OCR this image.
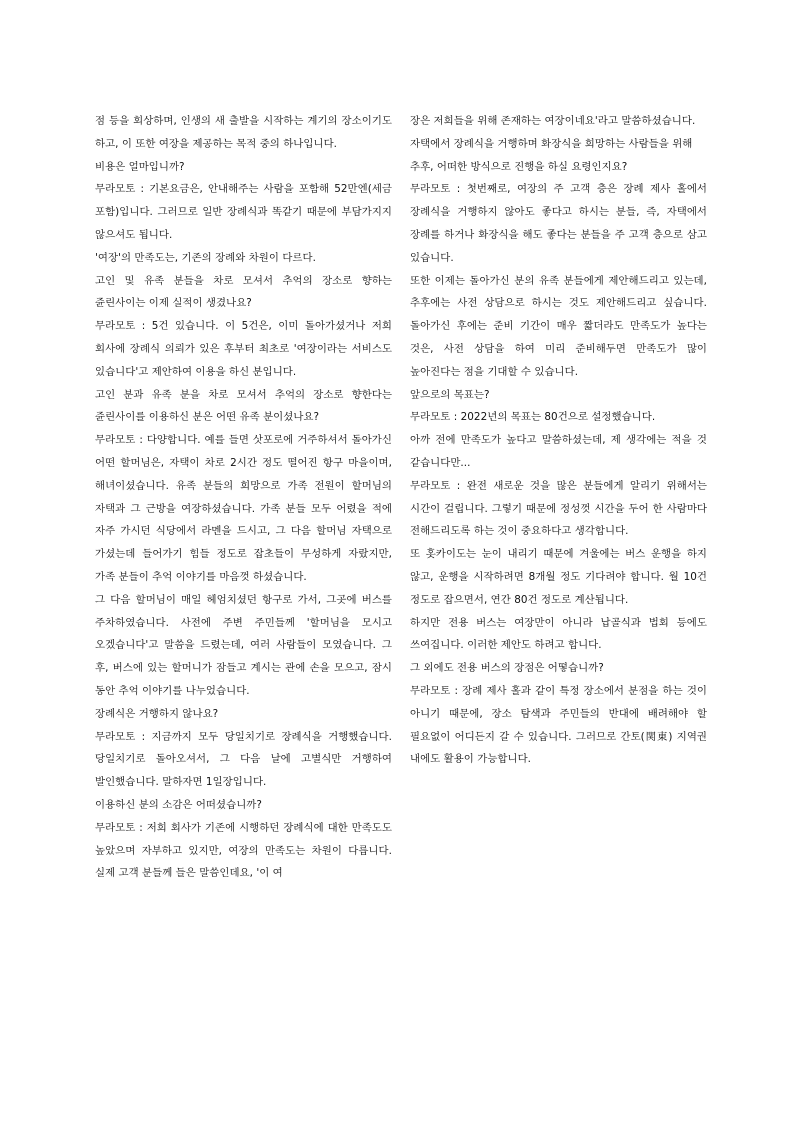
점 등을 회상하며, 인생의 새 출발을 시작하는 계기의 장소이기도 하고, 이 또한 여장을 제공하는 목적 중의 하나입니다.

비용은 얼마입니까?

무라모토 : 기본요금은, 안내해주는 사람을 포함해 52만엔(세금 포함)입니다. 그러므로 일반 장례식과 똑같기 때문에 부담가지지 않으셔도 됩니다.

'여장'의 만족도는, 기존의 장례와 차원이 다르다.

고인 및 유족 분들을 차로 모셔서 추억의 장소로 향하는 쥰린사이는 이제 실적이 생겼나요?

무라모토 : 5건 있습니다. 이 5건은, 이미 돌아가셨거나 저희 회사에 장례식 의뢰가 있은 후부터 최초로 '여장이라는 서비스도 있습니다'고 제안하여 이용을 하신 분입니다.

고인 분과 유족 분을 차로 모셔서 추억의 장소로 향한다는 쥰린사이를 이용하신 분은 어떤 유족 분이셨나요?

무라모토 : 다양합니다. 예를 들면 삿포로에 거주하셔서 돌아가신 어떤 할머님은, 자택이 차로 2시간 정도 떨어진 항구 마을이며, 해녀이셨습니다. 유족 분들의 희망으로 가족 전원이 할머님의 자택과 그 근방을 여장하셨습니다. 가족 분들 모두 어렸을 적에 자주 가시던 식당에서 라멘을 드시고, 그 다음 할머님 자택으로 가셨는데 들어가기 힘들 정도로 잡초들이 무성하게 자랐지만, 가족 분들이 추억 이야기를 마음껏 하셨습니다.

그 다음 할머님이 매일 헤엄치셨던 항구로 가서, 그곳에 버스를 주차하였습니다. 사전에 주변 주민들께 '할머님을 모시고 오겠습니다'고 말씀을 드렸는데, 여러 사람들이 모였습니다. 그 후, 버스에 있는 할머니가 잠들고 계시는 관에 손을 모으고, 잠시 동안 추억 이야기를 나누었습니다.

장례식은 거행하지 않나요?

무라모토 : 지금까지 모두 당일치기로 장례식을 거행했습니다. 당일치기로 돌아오셔서, 그 다음 날에 고별식만 거행하여 발인했습니다. 말하자면 1일장입니다.

이용하신 분의 소감은 어떠셨습니까?

무라모토 : 저희 회사가 기존에 시행하던 장례식에 대한 만족도도 높았으며 자부하고 있지만, 여장의 만족도는 차원이 다릅니다. 실제 고객 분들께 들은 말씀인데요, '이 여

장은 저희들을 위해 존재하는 여장이네요'라고 말씀하셨습니다.

자택에서 장례식을 거행하며 화장식을 희망하는 사람들을 위해

추후, 어떠한 방식으로 진행을 하실 요령인지요?

무라모토 : 첫번째로, 여장의 주 고객 층은 장례 제사 홀에서 장례식을 거행하지 않아도 좋다고 하시는 분들, 즉, 자택에서 장례를 하거나 화장식을 해도 좋다는 분들을 주 고객 층으로 삼고 있습니다.

또한 이제는 돌아가신 분의 유족 분들에게 제안해드리고 있는데, 추후에는 사전 상담으로 하시는 것도 제안해드리고 싶습니다. 돌아가신 후에는 준비 기간이 매우 짧더라도 만족도가 높다는 것은, 사전 상담을 하여 미리 준비해두면 만족도가 많이 높아진다는 점을 기대할 수 있습니다.

앞으로의 목표는?

무라모토 : 2022년의 목표는 80건으로 설정했습니다.

아까 전에 만족도가 높다고 말씀하셨는데, 제 생각에는 적을 것 같습니다만...

무라모토 : 완전 새로운 것을 많은 분들에게 알리기 위해서는 시간이 걸립니다. 그렇기 때문에 정성껏 시간을 두어 한 사람마다 전해드리도록 하는 것이 중요하다고 생각합니다.

또 홋카이도는 눈이 내리기 때문에 겨울에는 버스 운행을 하지 않고, 운행을 시작하려면 8개월 정도 기다려야 합니다. 월 10건 정도로 잡으면서, 연간 80건 정도로 계산됩니다.

하지만 전용 버스는 여장만이 아니라 납골식과 법회 등에도 쓰여집니다. 이러한 제안도 하려고 합니다.

그 외에도 전용 버스의 장점은 어떻습니까?

무라모토 : 장례 제사 홀과 같이 특정 장소에서 분점을 하는 것이 아니기 때문에, 장소 탐색과 주민들의 반대에 배려해야 할 필요없이 어디든지 갈 수 있습니다. 그러므로 간토(関東) 지역권 내에도 활용이 가능합니다.
